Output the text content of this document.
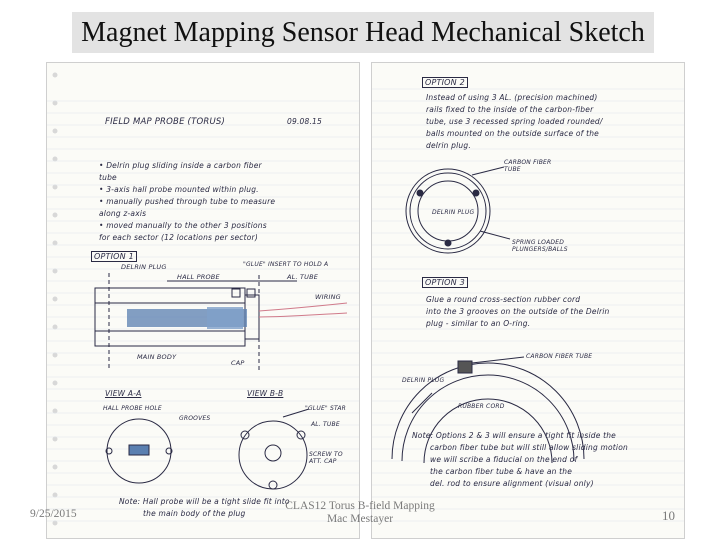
Magnet Mapping Sensor Head Mechanical Sketch
FIELD MAP PROBE (TORUS)	09.08.15
• Delrin plug sliding inside a carbon fiber
tube
• 3-axis hall probe mounted within plug.
• manually pushed through tube to measure
along z-axis
• moved manually to the other 3 positions
for each sector (12 locations per sector)
OPTION 1
DELRIN PLUG
HALL PROBE
"GLUE" INSERT TO HOLD A
AL. TUBE
WIRING
MAIN BODY
CAP
VIEW A-A	VIEW B-B
HALL PROBE HOLE
GROOVES
"GLUE" STAR
AL. TUBE
SCREW TO ATT. CAP
Note: Hall probe will be a tight slide fit into
the main body of the plug
OPTION 2
Instead of using 3 AL. (precision machined)
rails fixed to the inside of the carbon-fiber
tube, use 3 recessed spring loaded rounded/
balls mounted on the outside surface of the
delrin plug.
CARBON FIBER TUBE
DELRIN PLUG
SPRING LOADED PLUNGERS/BALLS
OPTION 3
Glue a round cross-section rubber cord
into the 3 grooves on the outside of the Delrin
plug - similar to an O-ring.
CARBON FIBER TUBE
DELRIN PLUG
RUBBER CORD
Note: Options 2 & 3 will ensure a tight fit inside the
carbon fiber tube but will still allow sliding motion
we will scribe a fiducial on the end of
the carbon fiber tube & have an the
del. rod to ensure alignment (visual only)
9/25/2015
CLAS12 Torus B-field Mapping
Mac Mestayer	10
